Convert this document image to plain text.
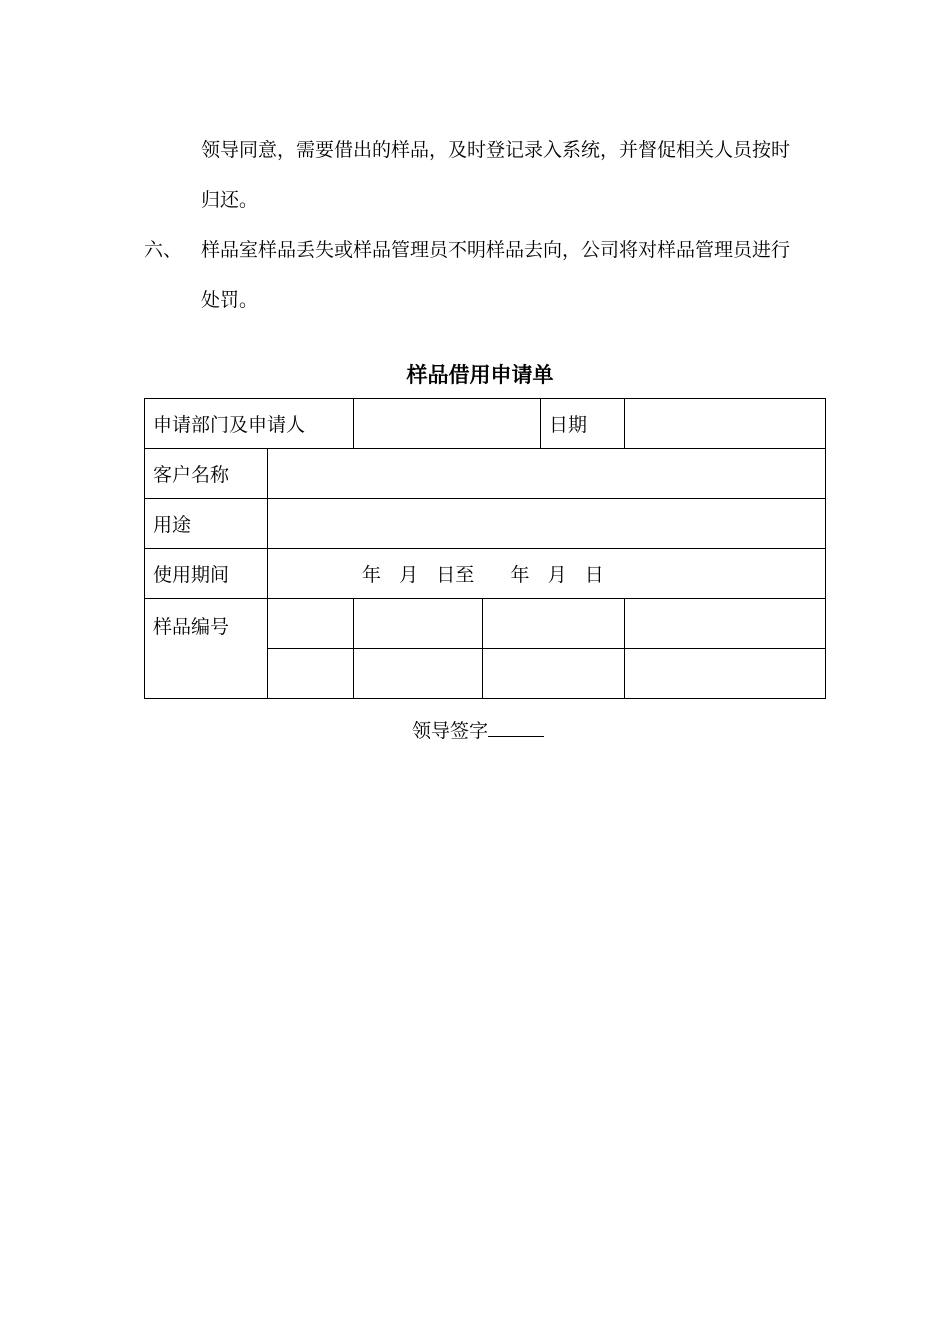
领导同意，需要借出的样品，及时登记录入系统，并督促相关人员按时
归还。
六、 样品室样品丢失或样品管理员不明样品去向，公司将对样品管理员进行
处罚。
样品借用申请单
申请部门及申请人				日期	
客户名称					
用途					
使用期间	年   月   日至      年   月   日				
样品编号					

领导签字
